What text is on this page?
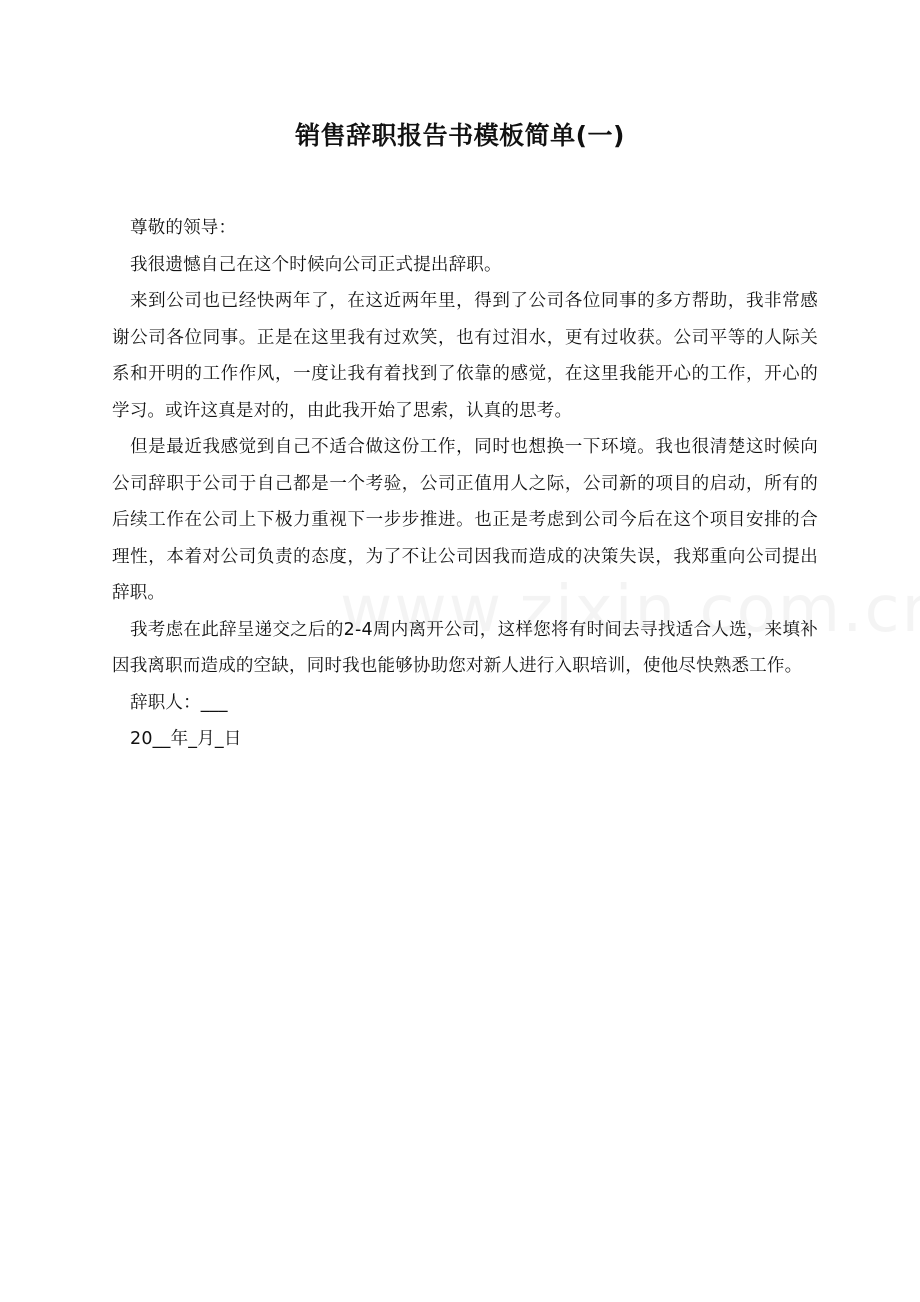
销售辞职报告书模板简单(一)

尊敬的领导：

我很遗憾自己在这个时候向公司正式提出辞职。

来到公司也已经快两年了，在这近两年里，得到了公司各位同事的多方帮助，我非常感谢公司各位同事。正是在这里我有过欢笑，也有过泪水，更有过收获。公司平等的人际关系和开明的工作作风，一度让我有着找到了依靠的感觉，在这里我能开心的工作，开心的学习。或许这真是对的，由此我开始了思索，认真的思考。

但是最近我感觉到自己不适合做这份工作，同时也想换一下环境。我也很清楚这时候向公司辞职于公司于自己都是一个考验，公司正值用人之际，公司新的项目的启动，所有的后续工作在公司上下极力重视下一步步推进。也正是考虑到公司今后在这个项目安排的合理性，本着对公司负责的态度，为了不让公司因我而造成的决策失误，我郑重向公司提出辞职。

我考虑在此辞呈递交之后的2-4周内离开公司，这样您将有时间去寻找适合人选，来填补因我离职而造成的空缺，同时我也能够协助您对新人进行入职培训，使他尽快熟悉工作。

辞职人：___

20__年_月_日
